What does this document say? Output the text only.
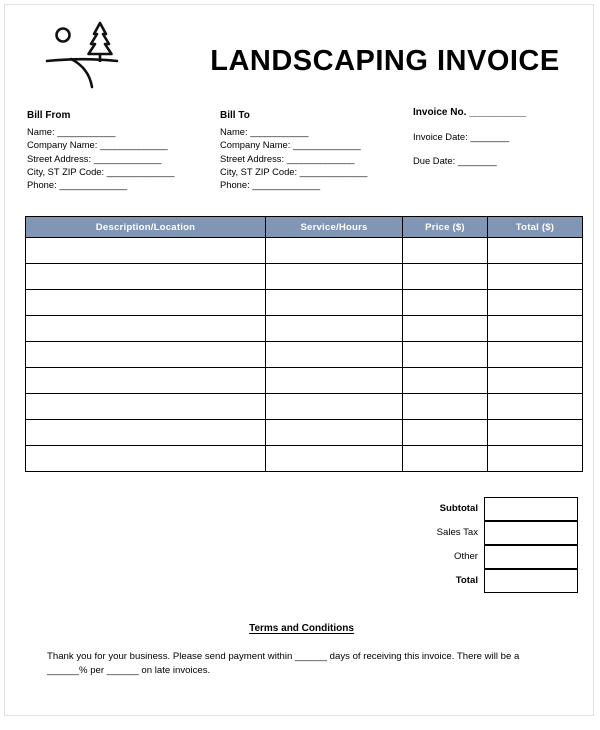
LANDSCAPING INVOICE
Bill From
Name: ____________
Company Name: ______________
Street Address: ______________
City, ST ZIP Code: ______________
Phone: ______________
Bill To
Name: ____________
Company Name: ______________
Street Address: ______________
City, ST ZIP Code: ______________
Phone: ______________
Invoice No. ___________
Invoice Date: ________
Due Date: ________
Description/Location	Service/Hours	Price ($)	Total ($)

Subtotal
Sales Tax
Other
Total
Terms and Conditions
Thank you for your business. Please send payment within ______ days of receiving this invoice. There will be a ______% per ______ on late invoices.
